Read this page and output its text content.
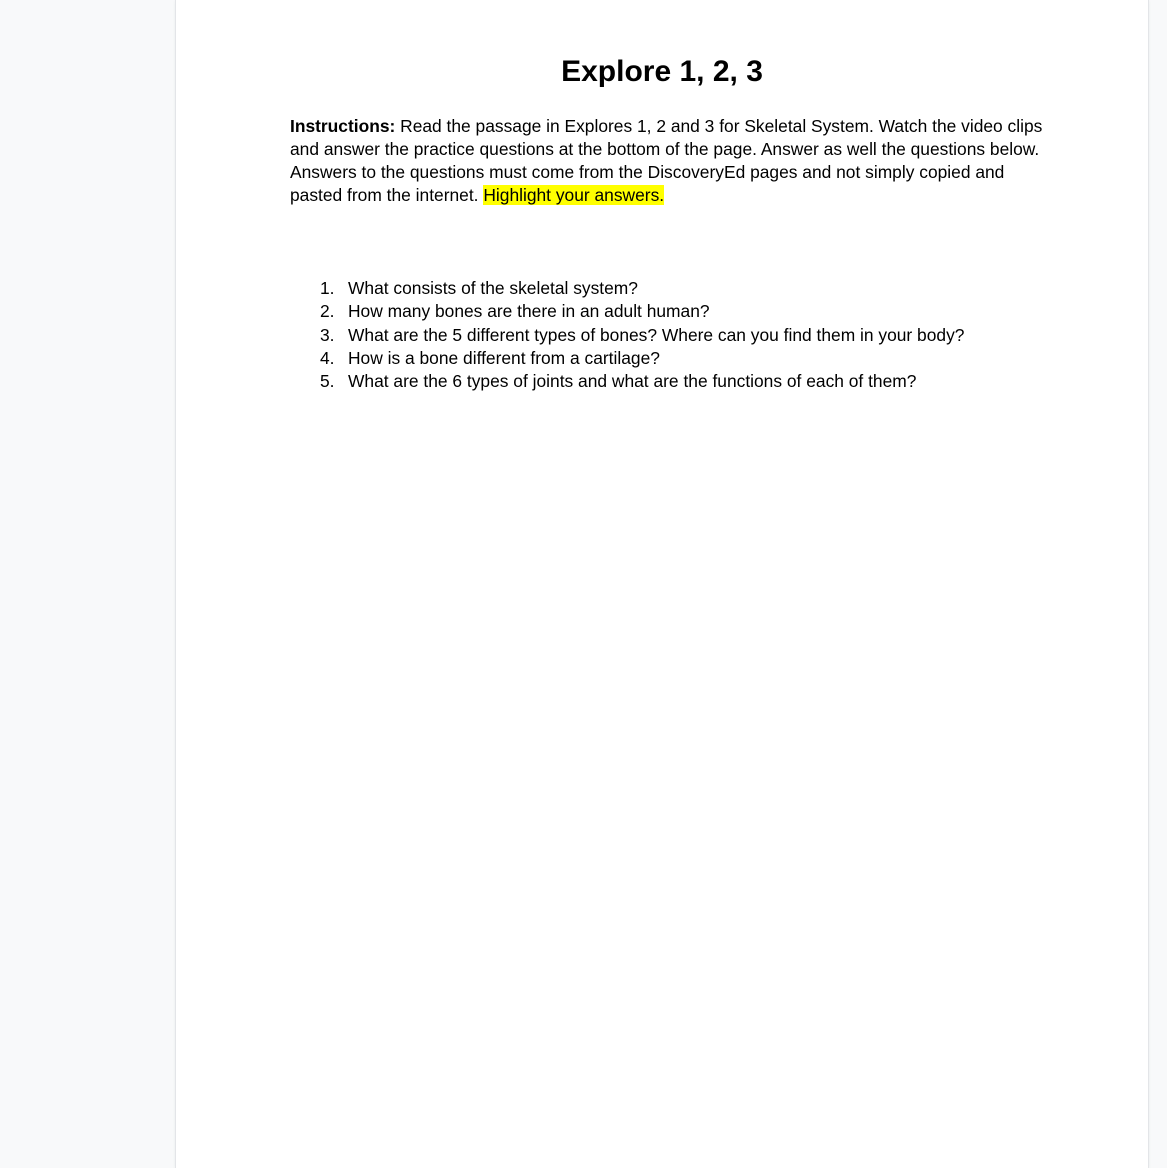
Explore 1, 2, 3

Instructions: Read the passage in Explores 1, 2 and 3 for Skeletal System. Watch the video clips and answer the practice questions at the bottom of the page. Answer as well the questions below. Answers to the questions must come from the DiscoveryEd pages and not simply copied and pasted from the internet. Highlight your answers.

1. What consists of the skeletal system?
2. How many bones are there in an adult human?
3. What are the 5 different types of bones? Where can you find them in your body?
4. How is a bone different from a cartilage?
5. What are the 6 types of joints and what are the functions of each of them?
